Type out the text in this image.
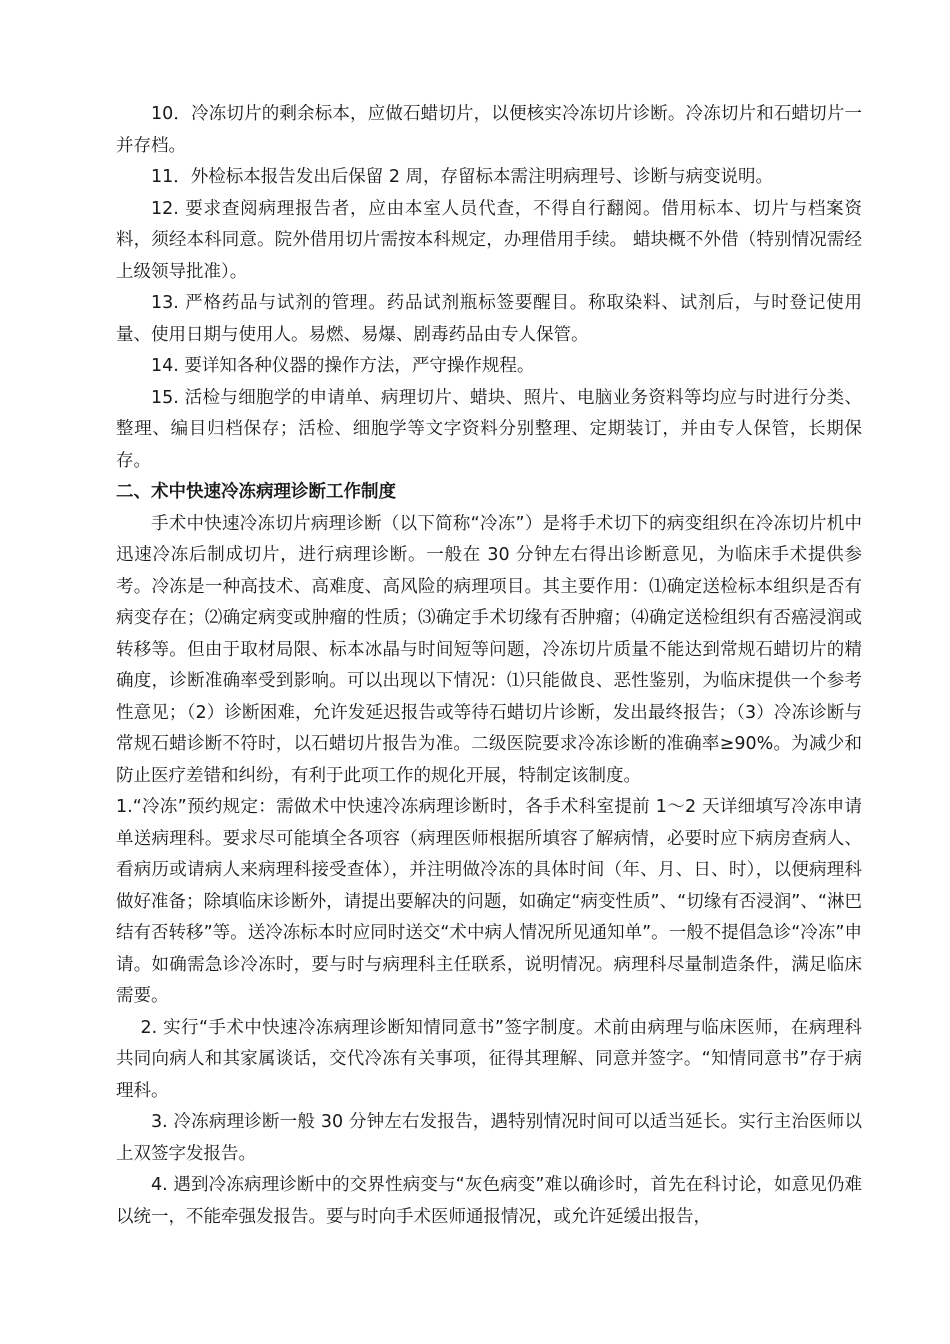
10．冷冻切片的剩余标本，应做石蜡切片，以便核实冷冻切片诊断。冷冻切片和石蜡切片一并存档。

11．外检标本报告发出后保留 2 周，存留标本需注明病理号、诊断与病变说明。

12. 要求查阅病理报告者，应由本室人员代查，不得自行翻阅。借用标本、切片与档案资料，须经本科同意。院外借用切片需按本科规定，办理借用手续。 蜡块概不外借（特别情况需经上级领导批准）。

13. 严格药品与试剂的管理。药品试剂瓶标签要醒目。称取染料、试剂后，与时登记使用量、使用日期与使用人。易燃、易爆、剧毒药品由专人保管。

14. 要详知各种仪器的操作方法，严守操作规程。

15. 活检与细胞学的申请单、病理切片、蜡块、照片、电脑业务资料等均应与时进行分类、整理、编目归档保存；活检、细胞学等文字资料分别整理、定期装订，并由专人保管，长期保存。

二、术中快速冷冻病理诊断工作制度

手术中快速冷冻切片病理诊断（以下简称“冷冻”）是将手术切下的病变组织在冷冻切片机中迅速冷冻后制成切片，进行病理诊断。一般在 30 分钟左右得出诊断意见，为临床手术提供参考。冷冻是一种高技术、高难度、高风险的病理项目。其主要作用：⑴确定送检标本组织是否有病变存在；⑵确定病变或肿瘤的性质；⑶确定手术切缘有否肿瘤；⑷确定送检组织有否癌浸润或转移等。但由于取材局限、标本冰晶与时间短等问题，冷冻切片质量不能达到常规石蜡切片的精确度，诊断准确率受到影响。可以出现以下情况：⑴只能做良、恶性鉴别，为临床提供一个参考性意见；（2）诊断困难，允许发延迟报告或等待石蜡切片诊断，发出最终报告；（3）冷冻诊断与常规石蜡诊断不符时，以石蜡切片报告为准。二级医院要求冷冻诊断的准确率≥90%。为减少和防止医疗差错和纠纷，有利于此项工作的规化开展，特制定该制度。

1.“冷冻”预约规定：需做术中快速冷冻病理诊断时，各手术科室提前 1～2 天详细填写冷冻申请单送病理科。要求尽可能填全各项容（病理医师根据所填容了解病情，必要时应下病房查病人、看病历或请病人来病理科接受查体），并注明做冷冻的具体时间（年、月、日、时），以便病理科做好准备；除填临床诊断外，请提出要解决的问题，如确定“病变性质”、“切缘有否浸润”、“淋巴结有否转移”等。送冷冻标本时应同时送交“术中病人情况所见通知单”。一般不提倡急诊“冷冻”申请。如确需急诊冷冻时，要与时与病理科主任联系，说明情况。病理科尽量制造条件，满足临床需要。

2. 实行“手术中快速冷冻病理诊断知情同意书”签字制度。术前由病理与临床医师，在病理科共同向病人和其家属谈话，交代冷冻有关事项，征得其理解、同意并签字。“知情同意书”存于病理科。

3. 冷冻病理诊断一般 30 分钟左右发报告，遇特别情况时间可以适当延长。实行主治医师以上双签字发报告。

4. 遇到冷冻病理诊断中的交界性病变与“灰色病变”难以确诊时，首先在科讨论，如意见仍难以统一，不能牵强发报告。要与时向手术医师通报情况，或允许延缓出报告，
